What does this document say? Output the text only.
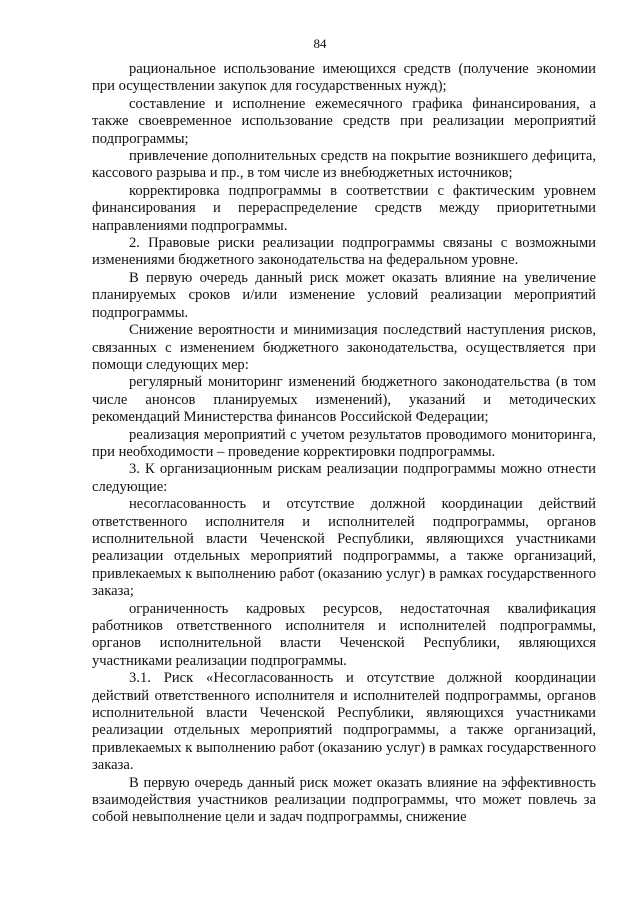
84

рациональное использование имеющихся средств (получение экономии при осуществлении закупок для государственных нужд);

составление и исполнение ежемесячного графика финансирования, а также своевременное использование средств при реализации мероприятий подпрограммы;

привлечение дополнительных средств на покрытие возникшего дефицита, кассового разрыва и пр., в том числе из внебюджетных источников;

корректировка подпрограммы в соответствии с фактическим уровнем финансирования и перераспределение средств между приоритетными направлениями подпрограммы.

2. Правовые риски реализации подпрограммы связаны с возможными изменениями бюджетного законодательства на федеральном уровне.

В первую очередь данный риск может оказать влияние на увеличение планируемых сроков и/или изменение условий реализации мероприятий подпрограммы.

Снижение вероятности и минимизация последствий наступления рисков, связанных с изменением бюджетного законодательства, осуществляется при помощи следующих мер:

регулярный мониторинг изменений бюджетного законодательства (в том числе анонсов планируемых изменений), указаний и методических рекомендаций Министерства финансов Российской Федерации;

реализация мероприятий с учетом результатов проводимого мониторинга, при необходимости – проведение корректировки подпрограммы.

3. К организационным рискам реализации подпрограммы можно отнести следующие:

несогласованность и отсутствие должной координации действий ответственного исполнителя и исполнителей подпрограммы, органов исполнительной власти Чеченской Республики, являющихся участниками реализации отдельных мероприятий подпрограммы, а также организаций, привлекаемых к выполнению работ (оказанию услуг) в рамках государственного заказа;

ограниченность кадровых ресурсов, недостаточная квалификация работников ответственного исполнителя и исполнителей подпрограммы, органов исполнительной власти Чеченской Республики, являющихся участниками реализации подпрограммы.

3.1. Риск «Несогласованность и отсутствие должной координации действий ответственного исполнителя и исполнителей подпрограммы, органов исполнительной власти Чеченской Республики, являющихся участниками реализации отдельных мероприятий подпрограммы, а также организаций, привлекаемых к выполнению работ (оказанию услуг) в рамках государственного заказа.

В первую очередь данный риск может оказать влияние на эффективность взаимодействия участников реализации подпрограммы, что может повлечь за собой невыполнение цели и задач подпрограммы, снижение
